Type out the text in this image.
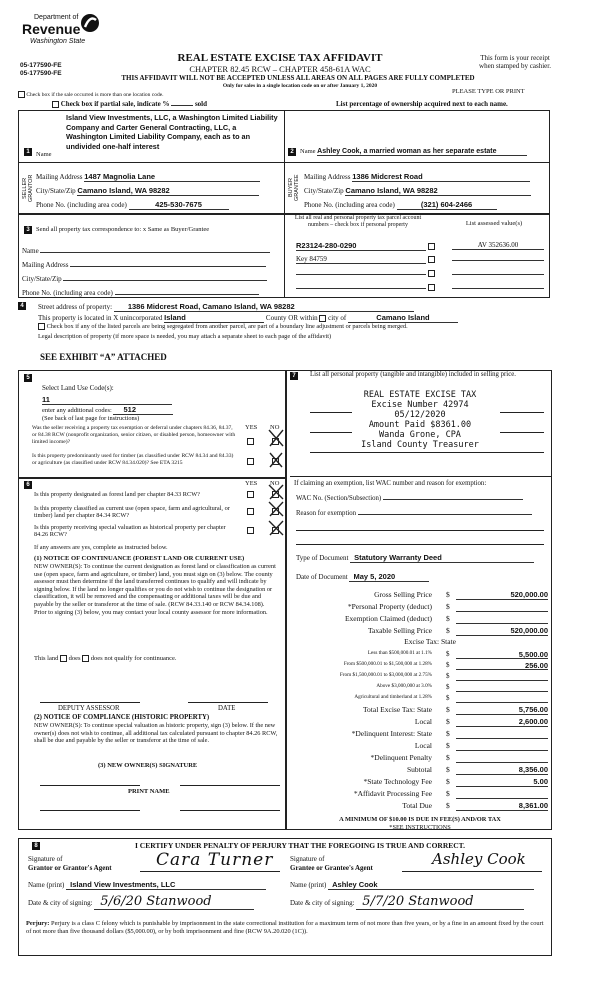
Department of
Revenue
Washington State
05-177590-FE
05-177590-FE
REAL ESTATE EXCISE TAX AFFIDAVIT
CHAPTER 82.45 RCW – CHAPTER 458-61A WAC
THIS AFFIDAVIT WILL NOT BE ACCEPTED UNLESS ALL AREAS ON ALL PAGES ARE FULLY COMPLETED
Only for sales in a single location code on or after January 1, 2020
This form is your receipt
when stamped by cashier.
PLEASE TYPE OR PRINT
Check box if the sale occurred is more than one location code.
Check box if partial sale, indicate %	sold	List percentage of ownership acquired next to each name.
1 Name
Island View Investments, LLC, a Washington Limited Liability Company and Carter General Contracting, LLC, a Washington Limited Liability Company, each as to an undivided one-half interest
SELLER GRANTOR Mailing Address 1487 Magnolia Lane
City/State/Zip Camano Island, WA 98282
Phone No. (including area code)	425-530-7675
2 Name Ashley Cook, a married woman as her separate estate
BUYER GRANTEE Mailing Address 1386 Midcrest Road
City/State/Zip Camano Island, WA 98282
Phone No. (including area code)	(321) 604-2466
3 Send all property tax correspondence to: x Same as Buyer/Grantee
Name
Mailing Address
City/State/Zip
Phone No. (including area code)
List all real and personal property tax parcel account numbers – check box if personal property	List assessed value(s)
R23124-280-0290	AV 352636.00
Key 84759

4	Street address of property: 1386 Midcrest Road, Camano Island, WA 98282
This property is located in X unincorporated Island	County OR within city of	Camano Island
Check box if any of the listed parcels are being segregated from another parcel, are part of a boundary line adjustment or parcels being merged.
Legal description of property (if more space is needed, you may attach a separate sheet to each page of the affidavit)
SEE EXHIBIT “A” ATTACHED
5
Select Land Use Code(s):
11
enter any additional codes: 512
(See back of last page for instructions)
YES NO
Was the seller receiving a property tax exemption or deferral under chapters 84.36, 84.37, or 84.38 RCW (nonprofit organization, senior citizen, or disabled person, homeowner with limited income)?
Is this property predominantly used for timber (as classified under RCW 84.34 and 84.33) or agriculture (as classified under RCW 84.34.020)? See ETA 3215
6	YES NO
Is this property designated as forest land per chapter 84.33 RCW?
Is this property classified as current use (open space, farm and agricultural, or timber) land per chapter 84.34 RCW?
Is this property receiving special valuation as historical property per chapter 84.26 RCW?
If any answers are yes, complete as instructed below.
(1) NOTICE OF CONTINUANCE (FOREST LAND OR CURRENT USE)
NEW OWNER(S): To continue the current designation as forest land or classification as current use (open space, farm and agriculture, or timber) land, you must sign on (3) below. The county assessor must then determine if the land transferred continues to qualify and will indicate by signing below. If the land no longer qualifies or you do not wish to continue the designation or classification, it will be removed and the compensating or additional taxes will be due and payable by the seller or transferor at the time of sale. (RCW 84.33.140 or RCW 84.34.108). Prior to signing (3) below, you may contact your local county assessor for more information.
This land does does not qualify for continuance.
DEPUTY ASSESSOR	DATE
(2) NOTICE OF COMPLIANCE (HISTORIC PROPERTY)
NEW OWNER(S): To continue special valuation as historic property, sign (3) below. If the new owner(s) does not wish to continue, all additional tax calculated pursuant to chapter 84.26 RCW, shall be due and payable by the seller or transferor at the time of sale.
(3) NEW OWNER(S) SIGNATURE
PRINT NAME
7	List all personal property (tangible and intangible) included in selling price.
REAL ESTATE EXCISE TAX
Excise Number 42974
05/12/2020
Amount Paid $8361.00
Wanda Grone, CPA
Island County Treasurer
If claiming an exemption, list WAC number and reason for exemption:
WAC No. (Section/Subsection)
Reason for exemption
Type of Document Statutory Warranty Deed
Date of Document May 5, 2020
Gross Selling Price $	520,000.00
*Personal Property (deduct) $
Exemption Claimed (deduct) $
Taxable Selling Price $	520,000.00
Excise Tax: State
Less than $500,000.01 at 1.1% $	5,500.00
From $500,000.01 to $1,500,000 at 1.28% $	256.00
From $1,500,000.01 to $3,000,000 at 2.75% $
Above $3,000,000 at 3.0% $
Agricultural and timberland at 1.28% $
Total Excise Tax: State $	5,756.00
Local $	2,600.00
*Delinquent Interest: State $
Local $
*Delinquent Penalty $
Subtotal $	8,356.00
*State Technology Fee $	5.00
*Affidavit Processing Fee $
Total Due $	8,361.00
A MINIMUM OF $10.00 IS DUE IN FEE(S) AND/OR TAX
*SEE INSTRUCTIONS
8	I CERTIFY UNDER PENALTY OF PERJURY THAT THE FOREGOING IS TRUE AND CORRECT.
Signature of
Grantor or Grantor's Agent	Cara Turner Signature of
Grantee or Grantee's Agent	Ashley Cook
Name (print) Island View Investments, LLC	Name (print) Ashley Cook
Date & city of signing: 5/6/20 Stanwood	Date & city of signing: 5/7/20 Stanwood
Perjury: Perjury is a class C felony which is punishable by imprisonment in the state correctional institution for a maximum term of not more than five years, or by a fine in an amount fixed by the court of not more than five thousand dollars ($5,000.00), or by both imprisonment and fine (RCW 9A.20.020 (1C)).
